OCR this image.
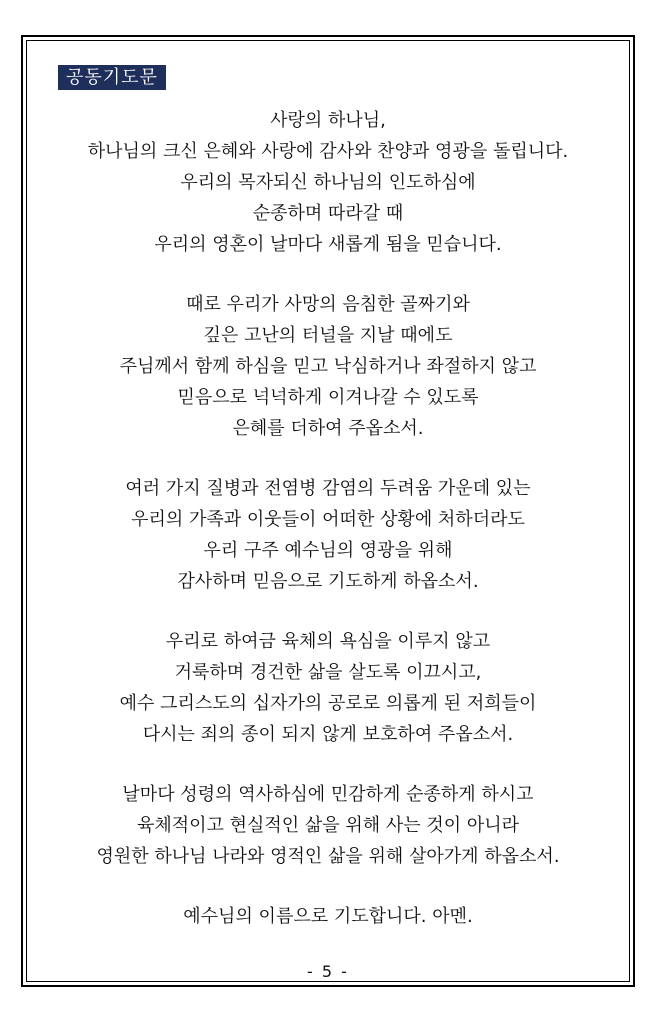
공동기도문
사랑의 하나님,
하나님의 크신 은혜와 사랑에 감사와 찬양과 영광을 돌립니다.
우리의 목자되신 하나님의 인도하심에
순종하며 따라갈 때
우리의 영혼이 날마다 새롭게 됨을 믿습니다.
때로 우리가 사망의 음침한 골짜기와
깊은 고난의 터널을 지날 때에도
주님께서 함께 하심을 믿고 낙심하거나 좌절하지 않고
믿음으로 넉넉하게 이겨나갈 수 있도록
은혜를 더하여 주옵소서.
여러 가지 질병과 전염병 감염의 두려움 가운데 있는
우리의 가족과 이웃들이 어떠한 상황에 처하더라도
우리 구주 예수님의 영광을 위해
감사하며 믿음으로 기도하게 하옵소서.
우리로 하여금 육체의 욕심을 이루지 않고
거룩하며 경건한 삶을 살도록 이끄시고,
예수 그리스도의 십자가의 공로로 의롭게 된 저희들이
다시는 죄의 종이 되지 않게 보호하여 주옵소서.
날마다 성령의 역사하심에 민감하게 순종하게 하시고
육체적이고 현실적인 삶을 위해 사는 것이 아니라
영원한 하나님 나라와 영적인 삶을 위해 살아가게 하옵소서.
예수님의 이름으로 기도합니다. 아멘.
- 5 -
